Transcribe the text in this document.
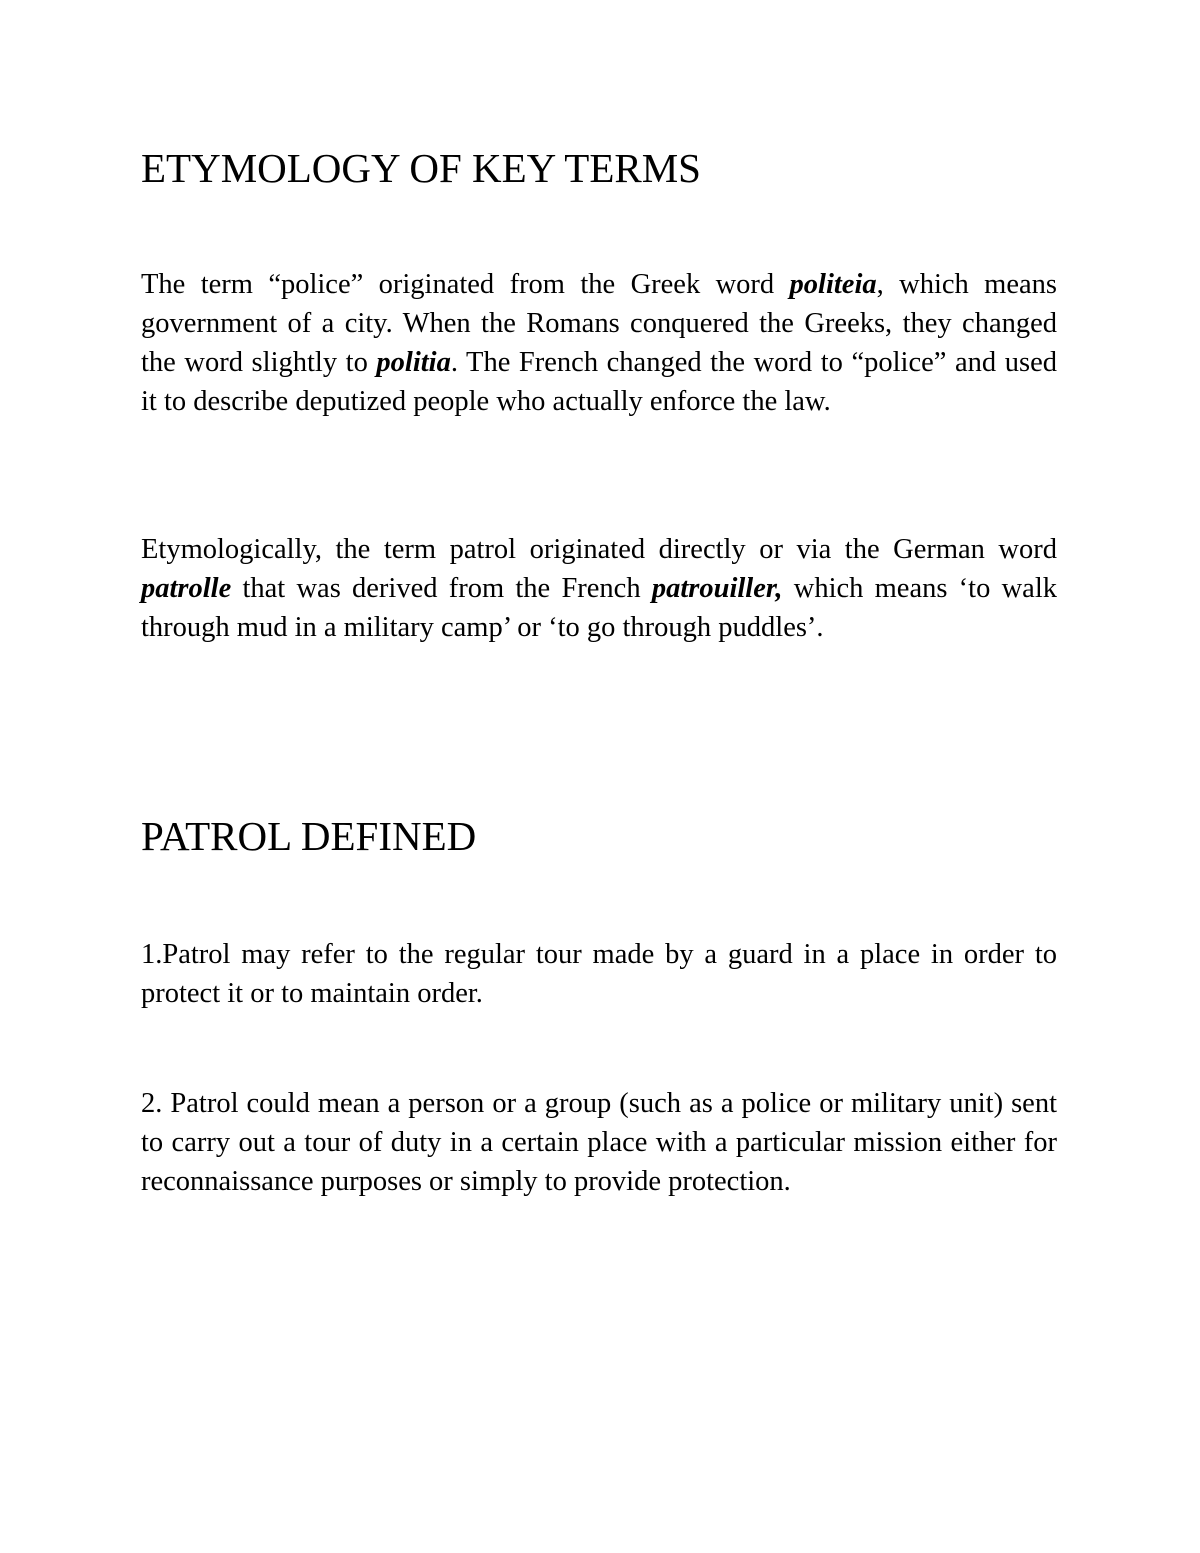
ETYMOLOGY OF KEY TERMS

The term “police” originated from the Greek word politeia, which means government of a city. When the Romans conquered the Greeks, they changed the word slightly to politia. The French changed the word to “police” and used it to describe deputized people who actually enforce the law.

Etymologically, the term patrol originated directly or via the German word patrolle that was derived from the French patrouiller, which means ‘to walk through mud in a military camp’ or ‘to go through puddles’.

PATROL DEFINED

1.Patrol may refer to the regular tour made by a guard in a place in order to protect it or to maintain order.

2. Patrol could mean a person or a group (such as a police or military unit) sent to carry out a tour of duty in a certain place with a particular mission either for reconnaissance purposes or simply to provide protection.
